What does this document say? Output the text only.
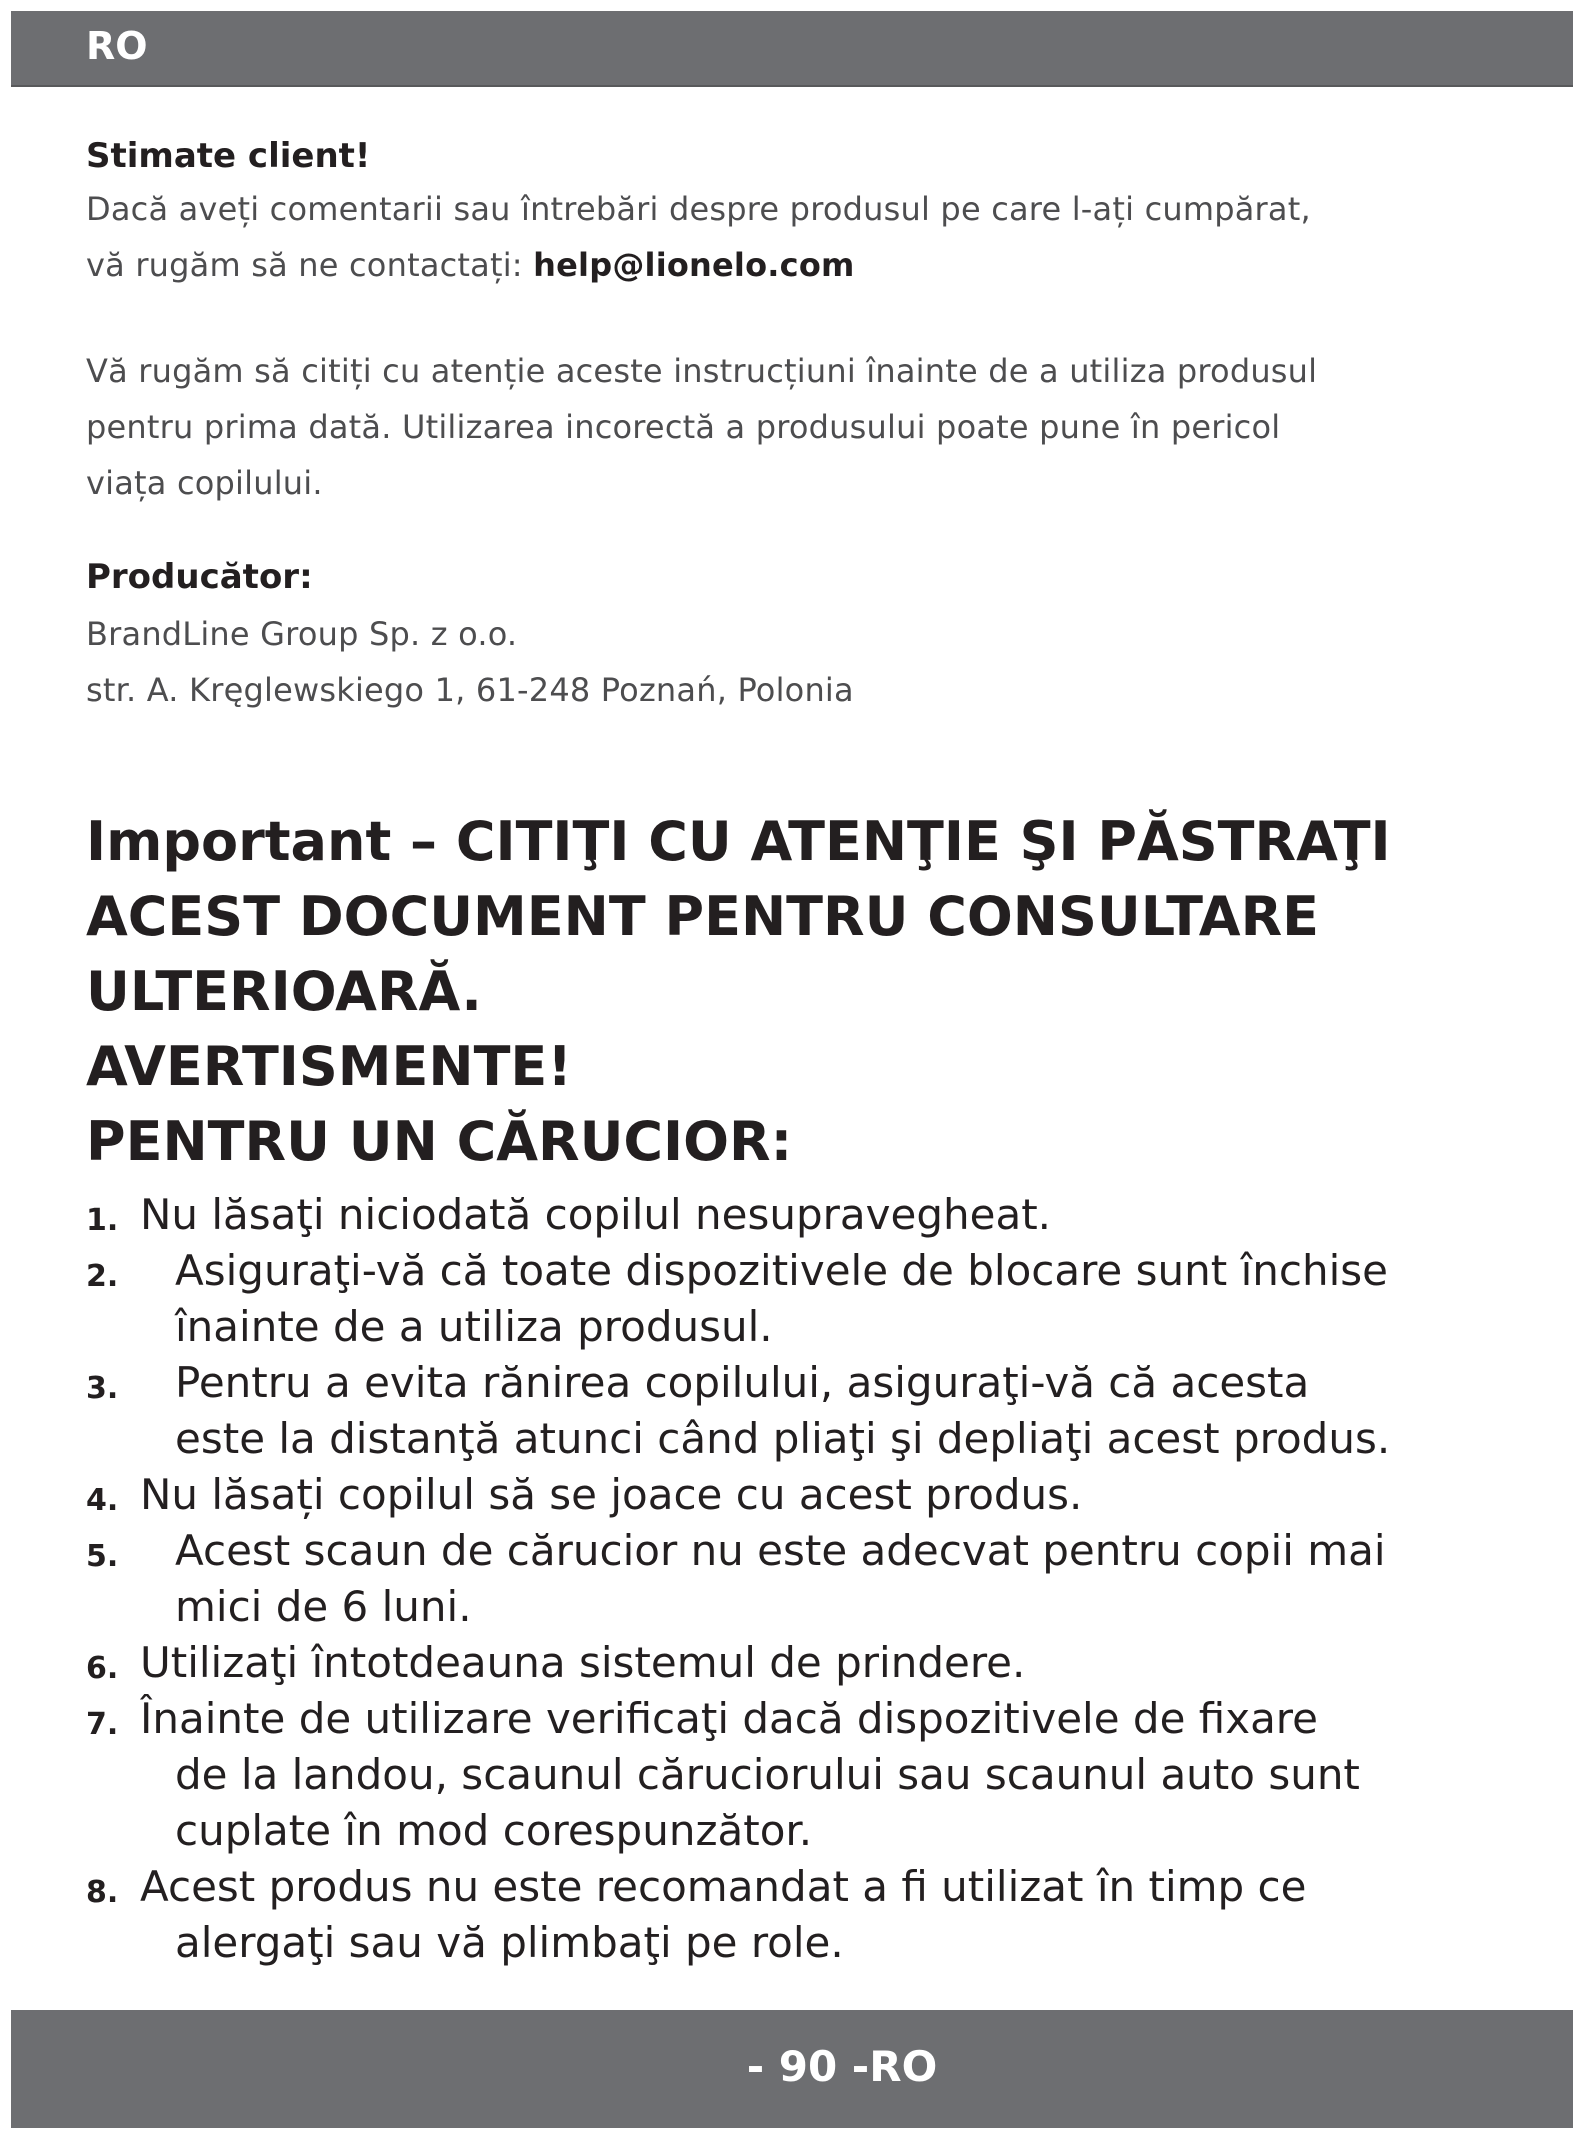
RO

Stimate client!

Dacă aveți comentarii sau întrebări despre produsul pe care l-ați cumpărat,

vă rugăm să ne contactați: help@lionelo.com

Vă rugăm să citiți cu atenție aceste instrucțiuni înainte de a utiliza produsul

pentru prima dată. Utilizarea incorectă a produsului poate pune în pericol

viața copilului.

Producător:

BrandLine Group Sp. z o.o.

str. A. Kręglewskiego 1, 61-248 Poznań, Polonia

Important – CITIŢI CU ATENŢIE ŞI PĂSTRAŢI
ACEST DOCUMENT PENTRU CONSULTARE
ULTERIOARĂ.
AVERTISMENTE!
PENTRU UN CĂRUCIOR:
1. Nu lăsaţi niciodată copilul nesupravegheat.
2.	Asiguraţi-vă că toate dispozitivele de blocare sunt închise
înainte de a utiliza produsul.
3.	Pentru a evita rănirea copilului, asiguraţi-vă că acesta
este la distanţă atunci când pliaţi şi depliaţi acest produs.
4. Nu lăsați copilul să se joace cu acest produs.
5.	Acest scaun de cărucior nu este adecvat pentru copii mai
mici de 6 luni.
6. Utilizaţi întotdeauna sistemul de prindere.
7. Înainte de utilizare verificaţi dacă dispozitivele de fixare
de la landou, scaunul căruciorului sau scaunul auto sunt
cuplate în mod corespunzător.
8. Acest produs nu este recomandat a fi utilizat în timp ce
alergaţi sau vă plimbaţi pe role.
- 90 -RO
